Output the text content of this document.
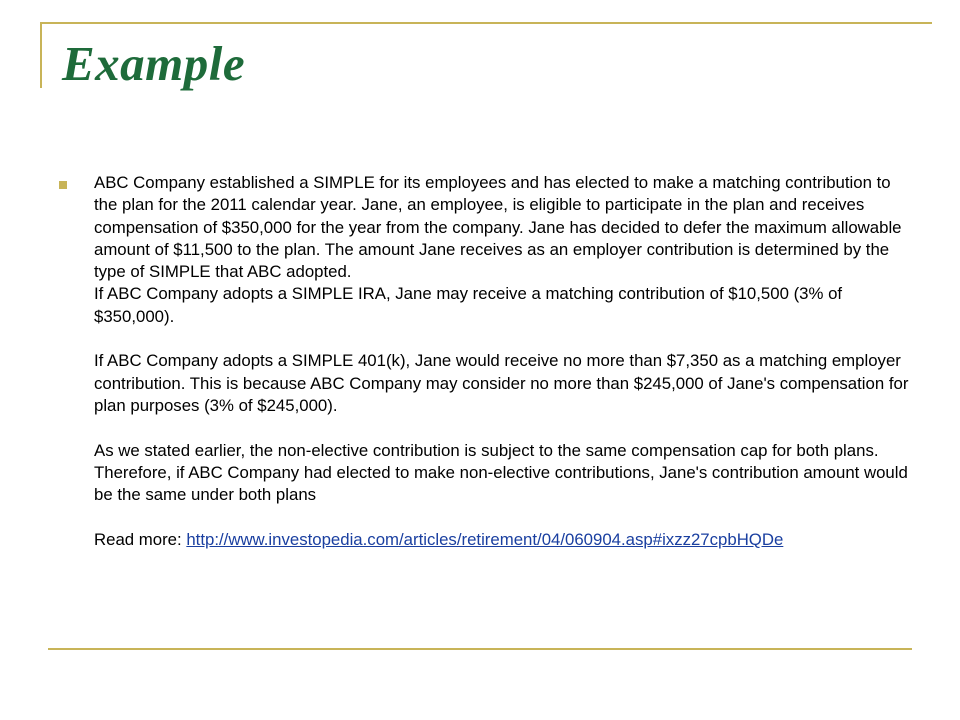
Example

ABC Company established a SIMPLE for its employees and has elected to make a matching contribution to the plan for the 2011 calendar year. Jane, an employee, is eligible to participate in the plan and receives compensation of $350,000 for the year from the company. Jane has decided to defer the maximum allowable amount of $11,500 to the plan. The amount Jane receives as an employer contribution is determined by the type of SIMPLE that ABC adopted.

If ABC Company adopts a SIMPLE IRA, Jane may receive a matching contribution of $10,500 (3% of $350,000).

If ABC Company adopts a SIMPLE 401(k), Jane would receive no more than $7,350 as a matching employer contribution. This is because ABC Company may consider no more than $245,000 of Jane's compensation for plan purposes (3% of $245,000).

As we stated earlier, the non-elective contribution is subject to the same compensation cap for both plans. Therefore, if ABC Company had elected to make non-elective contributions, Jane's contribution amount would be the same under both plans

Read more: http://www.investopedia.com/articles/retirement/04/060904.asp#ixzz27cpbHQDe
